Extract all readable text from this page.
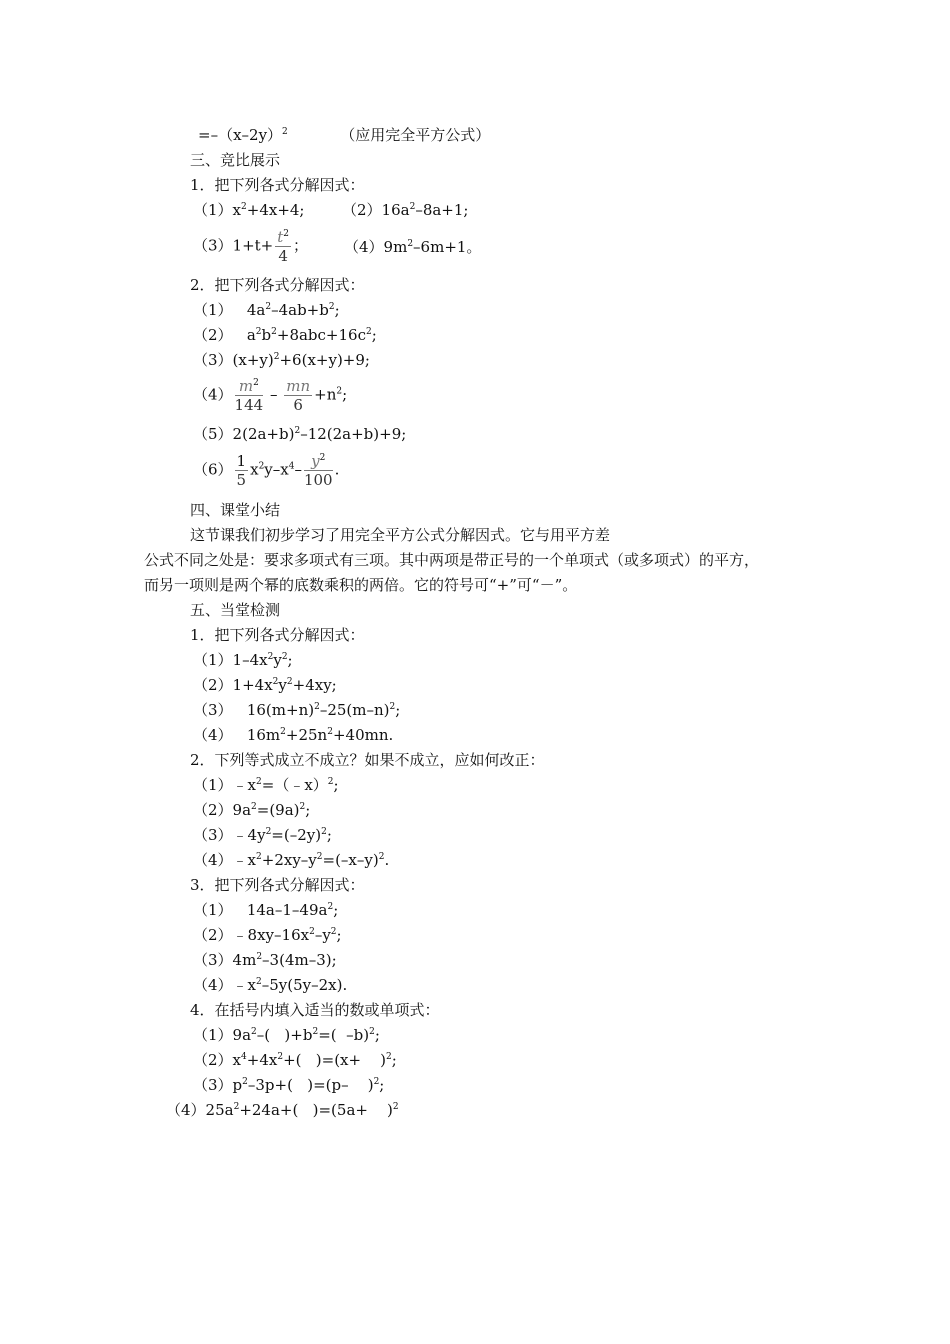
$=-(x-2y)^2$           （应用完全平方公式）
三、竞比展示
1．把下列各式分解因式：
$(1)x^2+4x+4$;	$(2)16a^2-8a+1$;
$(3)1+t+ \frac{t^2}{4}$ ； $(4)9m^2-6m+1$。
2．把下列各式分解因式：
（1）   $4a^2-4ab+b^2$;
（2）   $a^2b^2+8abc+16c^2$;
$(3)(x+y)^2+6(x+y)+9$;
$(4) \frac{m^2}{144} - \frac{mn}{6} +n^2$;
$(5)2(2a+b)^2-12(2a+b)+9$;
$(6) \frac{1}{5} x^2y-x^4- \frac{y^2}{100}$ .
四、课堂小结
这节课我们初步学习了用完全平方公式分解因式。它与用平方差
公式不同之处是：要求多项式有三项。其中两项是带正号的一个单项式（或多项式）的平方，
而另一项则是两个幂的底数乘积的两倍。它的符号可“+”可“－”。
五、当堂检测
1．把下列各式分解因式：
$(1)1-4x^2y^2$;
$(2)1+4x^2y^2+4xy$;
（3）   $16(m+n)^2-25(m-n)^2$;
（4）   $16m^2+25n^2+40mn$.
2．下列等式成立不成立？如果不成立，应如何改正：
$(1)﹣x^2=(﹣x)^2$;
$(2)9a^2=(9a)^2$;
$(3)﹣4y^2=(-2y)^2$;
$(4)﹣x^2+2xy-y^2=(-x-y)^2$.
3．把下列各式分解因式：
（1）   $14a-1-49a^2$;
$(2)﹣8xy-16x^2-y^2$;
$(3)4m^2-3(4m-3)$;
$(4)﹣x^2-5y(5y-2x)$.
4．在括号内填入适当的数或单项式：
$(1)9a^2-$(   )$+b^2=$(  –b)$^2$;
$(2)x^4+4x^2+$(   )=(x+    )$^2$;
$(3)p^2-3p+$(   )=(p–    )$^2$;
$(4)25a^2+24a+$(   )=(5a+    )$^2$
